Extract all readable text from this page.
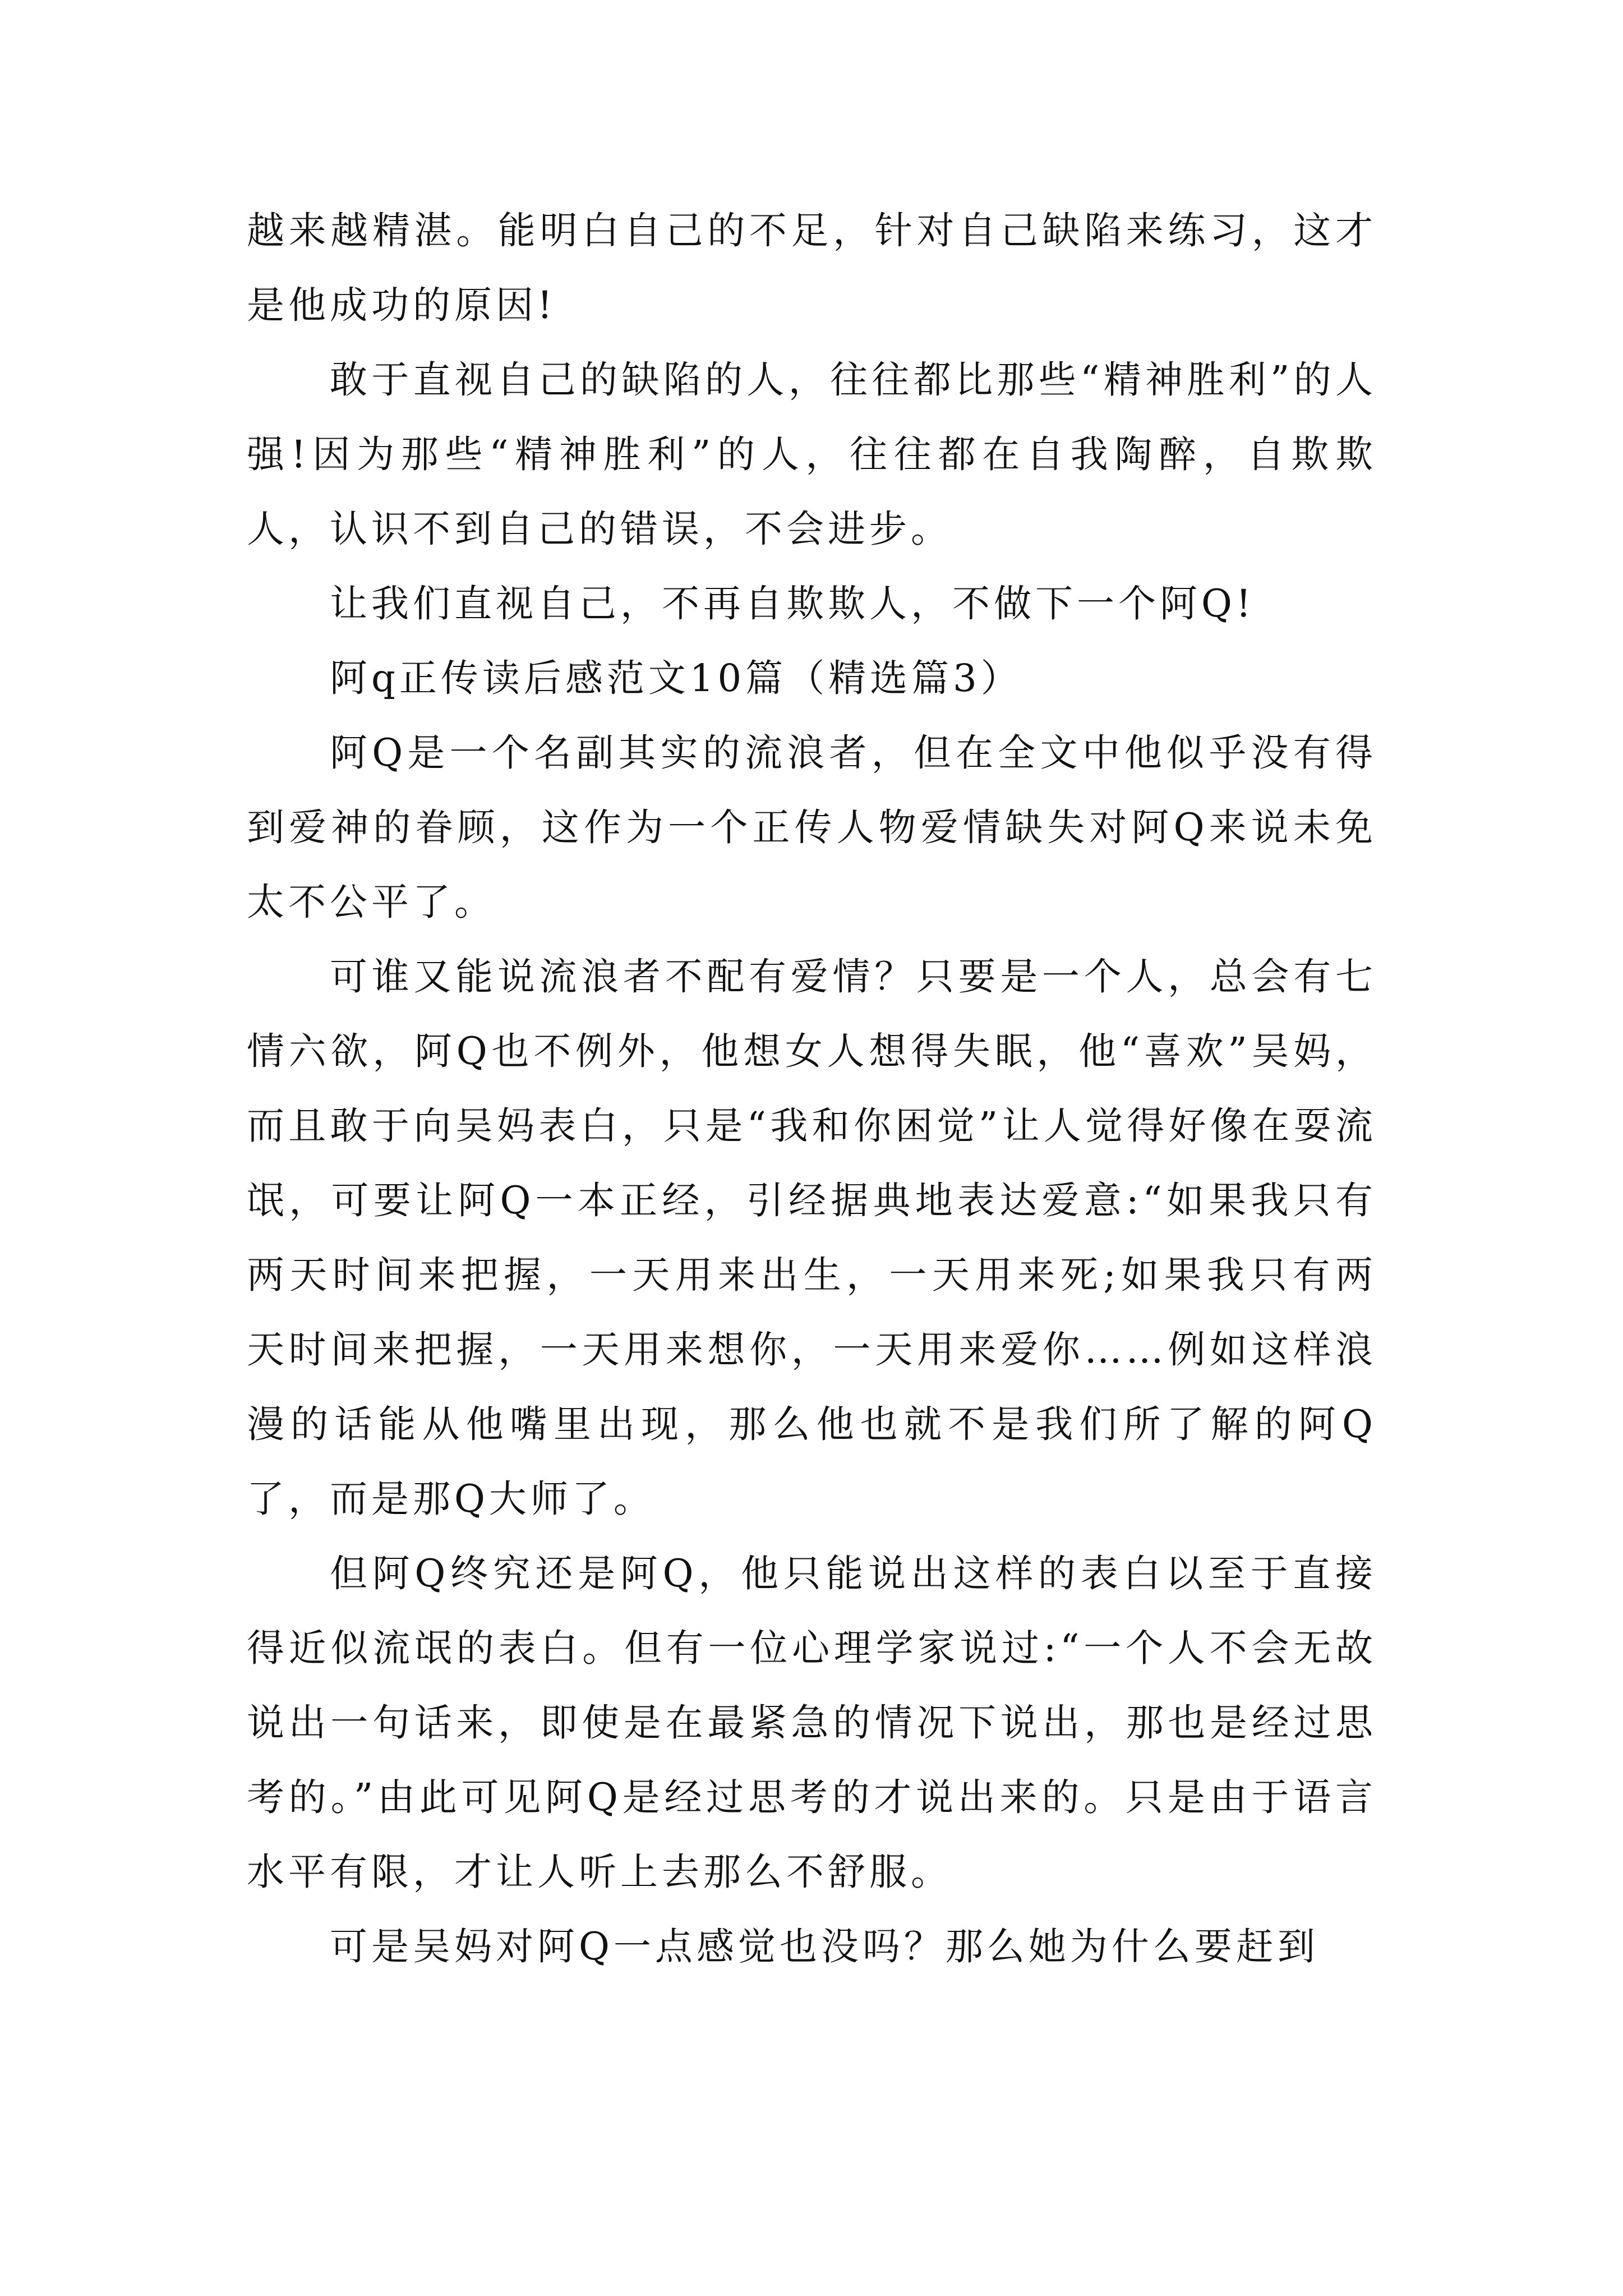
越来越精湛。能明白自己的不足，针对自己缺陷来练习，这才是他成功的原因!

敢于直视自己的缺陷的人，往往都比那些“精神胜利”的人强!因为那些“精神胜利”的人，往往都在自我陶醉，自欺欺人，认识不到自己的错误，不会进步。

让我们直视自己，不再自欺欺人，不做下一个阿Q!

阿q正传读后感范文10篇（精选篇3）

阿Q是一个名副其实的流浪者，但在全文中他似乎没有得到爱神的眷顾，这作为一个正传人物爱情缺失对阿Q来说未免太不公平了。

可谁又能说流浪者不配有爱情？只要是一个人，总会有七情六欲，阿Q也不例外，他想女人想得失眠，他“喜欢”吴妈，而且敢于向吴妈表白，只是“我和你困觉”让人觉得好像在耍流氓，可要让阿Q一本正经，引经据典地表达爱意:“如果我只有两天时间来把握，一天用来出生，一天用来死;如果我只有两天时间来把握，一天用来想你，一天用来爱你……例如这样浪漫的话能从他嘴里出现，那么他也就不是我们所了解的阿Q了，而是那Q大师了。

但阿Q终究还是阿Q，他只能说出这样的表白以至于直接得近似流氓的表白。但有一位心理学家说过:“一个人不会无故说出一句话来，即使是在最紧急的情况下说出，那也是经过思考的。”由此可见阿Q是经过思考的才说出来的。只是由于语言水平有限，才让人听上去那么不舒服。

可是吴妈对阿Q一点感觉也没吗？那么她为什么要赶到
